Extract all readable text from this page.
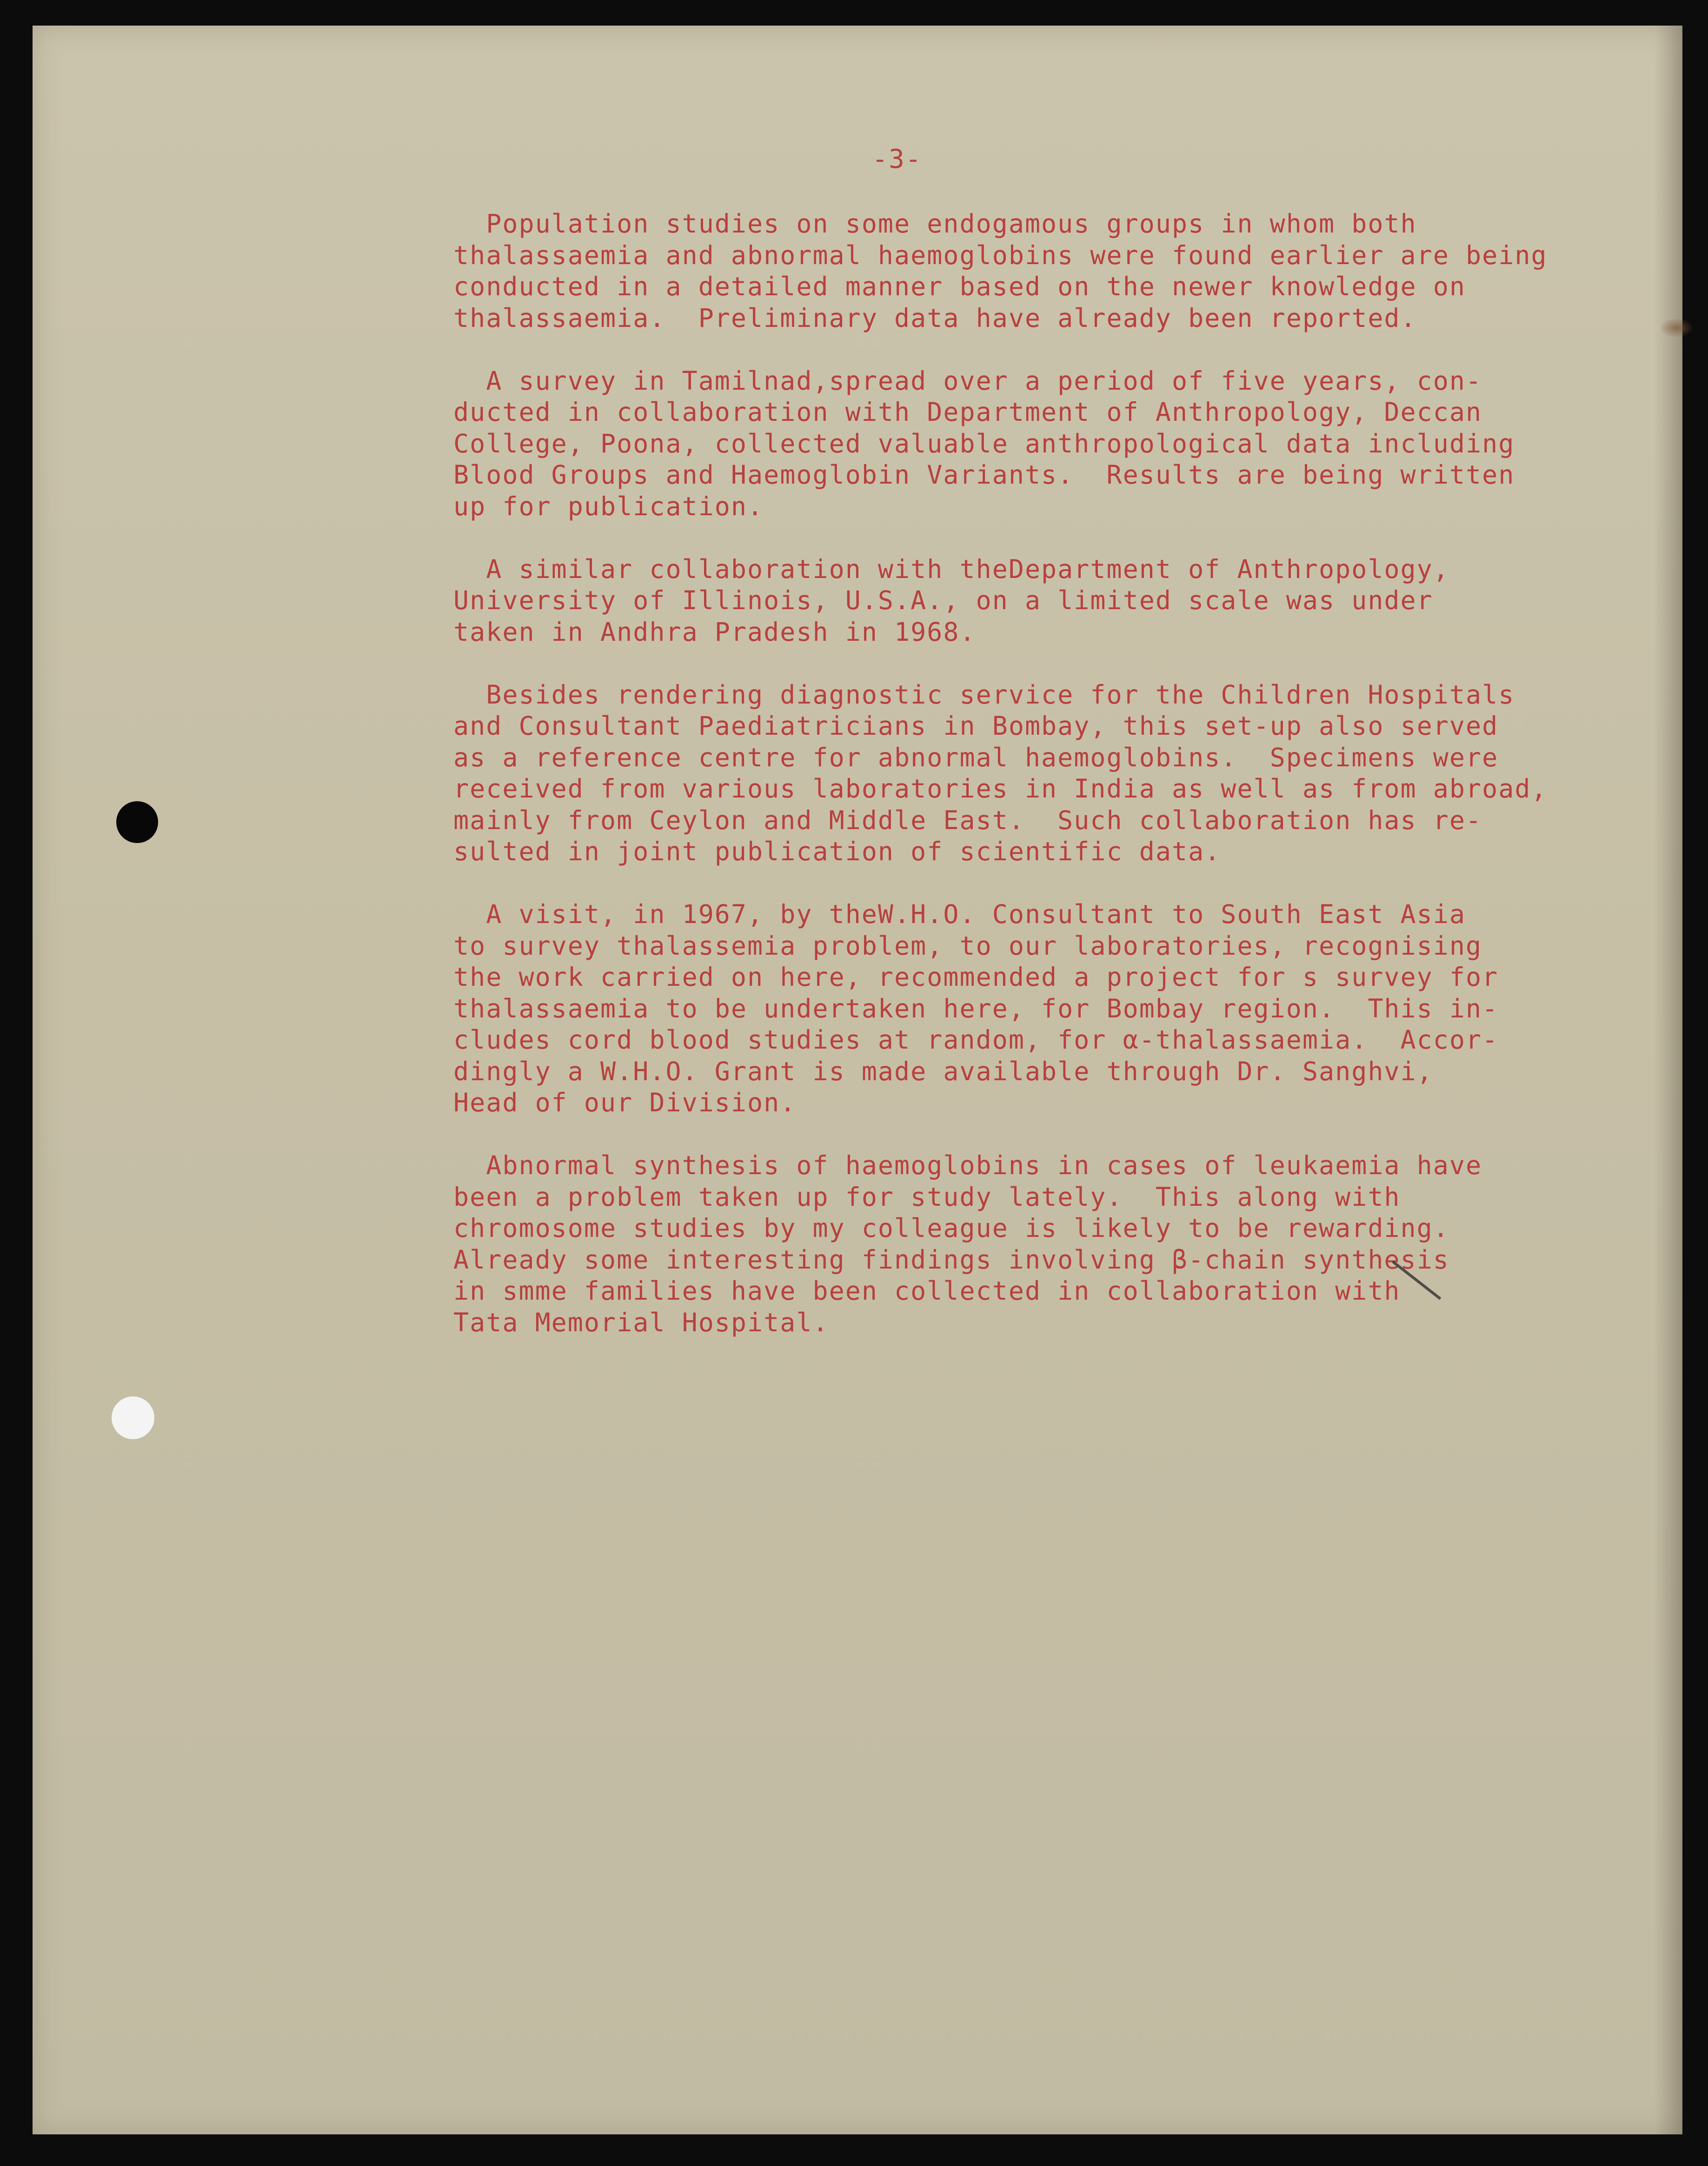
-3-
Population studies on some endogamous groups in whom both
thalassaemia and abnormal haemoglobins were found earlier are being
conducted in a detailed manner based on the newer knowledge on
thalassaemia.  Preliminary data have already been reported.
A survey in Tamilnad,spread over a period of five years, con-
ducted in collaboration with Department of Anthropology, Deccan
College, Poona, collected valuable anthropological data including
Blood Groups and Haemoglobin Variants.  Results are being written
up for publication.
A similar collaboration with theDepartment of Anthropology,
University of Illinois, U.S.A., on a limited scale was under
taken in Andhra Pradesh in 1968.
Besides rendering diagnostic service for the Children Hospitals
and Consultant Paediatricians in Bombay, this set-up also served
as a reference centre for abnormal haemoglobins.  Specimens were
received from various laboratories in India as well as from abroad,
mainly from Ceylon and Middle East.  Such collaboration has re-
sulted in joint publication of scientific data.
A visit, in 1967, by theW.H.O. Consultant to South East Asia
to survey thalassemia problem, to our laboratories, recognising
the work carried on here, recommended a project for s survey for
thalassaemia to be undertaken here, for Bombay region.  This in-
cludes cord blood studies at random, for α-thalassaemia.  Accor-
dingly a W.H.O. Grant is made available through Dr. Sanghvi,
Head of our Division.
Abnormal synthesis of haemoglobins in cases of leukaemia have
been a problem taken up for study lately.  This along with
chromosome studies by my colleague is likely to be rewarding.
Already some interesting findings involving β-chain synthesis
in smme families have been collected in collaboration with
Tata Memorial Hospital.
